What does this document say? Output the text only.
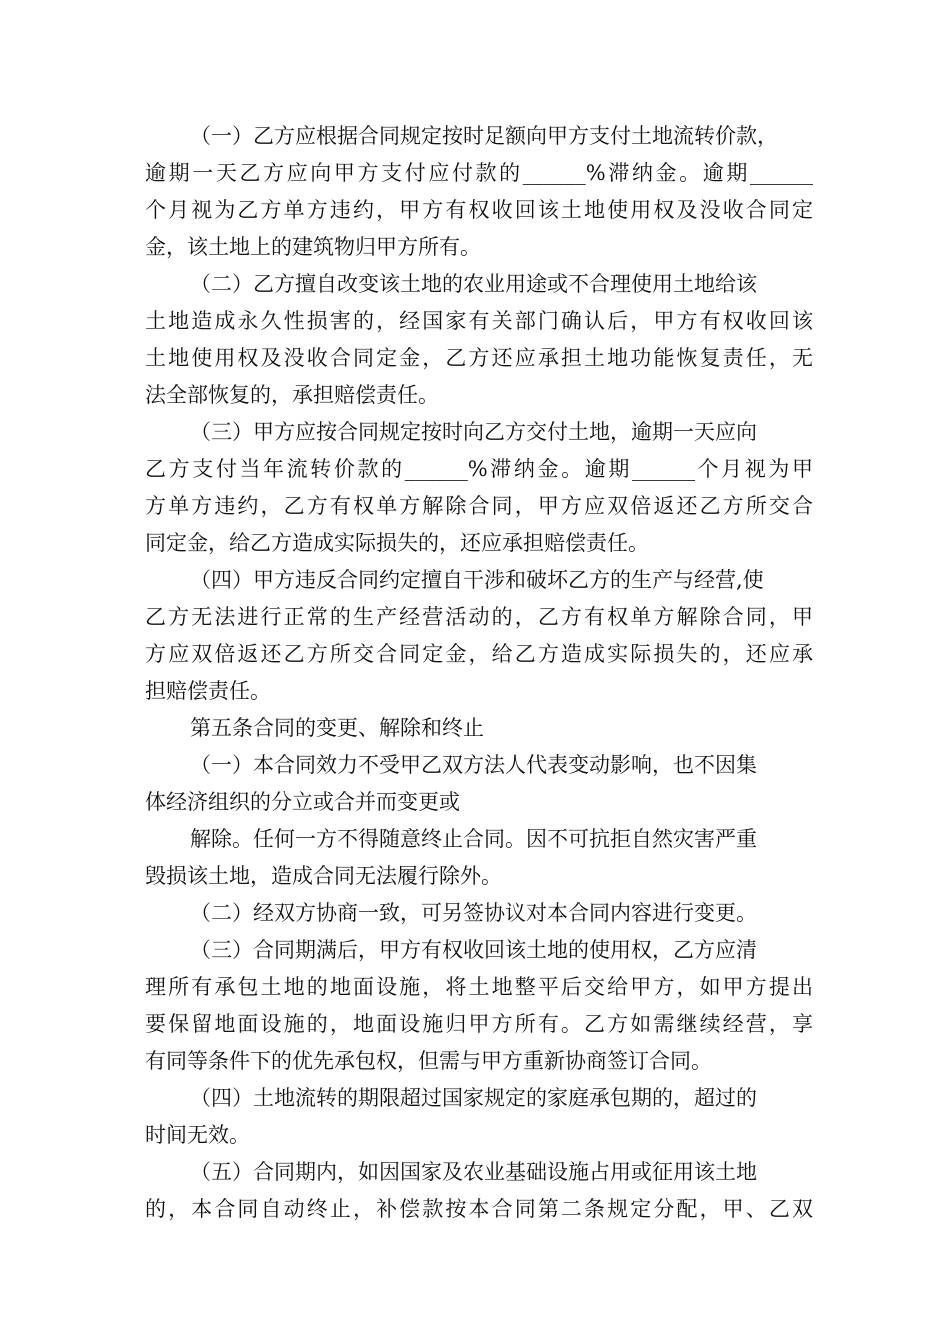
（一）乙方应根据合同规定按时足额向甲方支付土地流转价款，
逾期一天乙方应向甲方支付应付款的______%滞纳金。逾期______
个月视为乙方单方违约，甲方有权收回该土地使用权及没收合同定
金，该土地上的建筑物归甲方所有。
（二）乙方擅自改变该土地的农业用途或不合理使用土地给该
土地造成永久性损害的，经国家有关部门确认后，甲方有权收回该
土地使用权及没收合同定金，乙方还应承担土地功能恢复责任，无
法全部恢复的，承担赔偿责任。
（三）甲方应按合同规定按时向乙方交付土地，逾期一天应向
乙方支付当年流转价款的______%滞纳金。逾期______个月视为甲
方单方违约，乙方有权单方解除合同，甲方应双倍返还乙方所交合
同定金，给乙方造成实际损失的，还应承担赔偿责任。
（四）甲方违反合同约定擅自干涉和破坏乙方的生产与经营,使
乙方无法进行正常的生产经营活动的，乙方有权单方解除合同，甲
方应双倍返还乙方所交合同定金，给乙方造成实际损失的，还应承
担赔偿责任。
第五条合同的变更、解除和终止
（一）本合同效力不受甲乙双方法人代表变动影响，也不因集
体经济组织的分立或合并而变更或
解除。任何一方不得随意终止合同。因不可抗拒自然灾害严重
毁损该土地，造成合同无法履行除外。
（二）经双方协商一致，可另签协议对本合同内容进行变更。
（三）合同期满后，甲方有权收回该土地的使用权，乙方应清
理所有承包土地的地面设施，将土地整平后交给甲方，如甲方提出
要保留地面设施的，地面设施归甲方所有。乙方如需继续经营，享
有同等条件下的优先承包权，但需与甲方重新协商签订合同。
（四）土地流转的期限超过国家规定的家庭承包期的，超过的
时间无效。
（五）合同期内，如因国家及农业基础设施占用或征用该土地
的，本合同自动终止，补偿款按本合同第二条规定分配，甲、乙双
